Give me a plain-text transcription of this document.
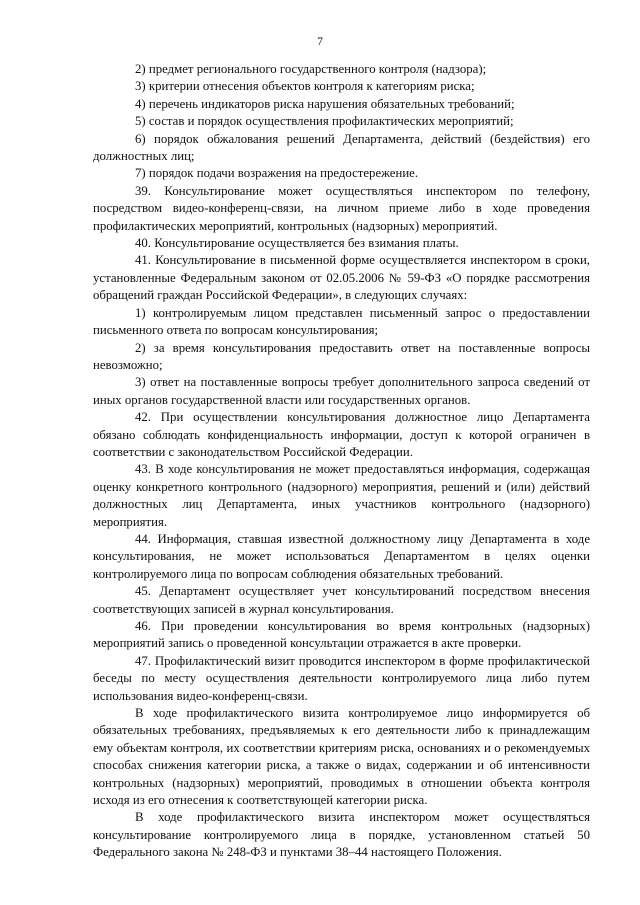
7

2) предмет регионального государственного контроля (надзора);

3) критерии отнесения объектов контроля к категориям риска;

4) перечень индикаторов риска нарушения обязательных требований;

5) состав и порядок осуществления профилактических мероприятий;

6) порядок обжалования решений Департамента, действий (бездействия) его должностных лиц;

7) порядок подачи возражения на предостережение.

39. Консультирование может осуществляться инспектором по телефону, посредством видео-конференц-связи, на личном приеме либо в ходе проведения профилактических мероприятий, контрольных (надзорных) мероприятий.

40. Консультирование осуществляется без взимания платы.

41. Консультирование в письменной форме осуществляется инспектором в сроки, установленные Федеральным законом от 02.05.2006 № 59-ФЗ «О порядке рассмотрения обращений граждан Российской Федерации», в следующих случаях:

1) контролируемым лицом представлен письменный запрос о предоставлении письменного ответа по вопросам консультирования;

2) за время консультирования предоставить ответ на поставленные вопросы невозможно;

3) ответ на поставленные вопросы требует дополнительного запроса сведений от иных органов государственной власти или государственных органов.

42. При осуществлении консультирования должностное лицо Департамента обязано соблюдать конфиденциальность информации, доступ к которой ограничен в соответствии с законодательством Российской Федерации.

43. В ходе консультирования не может предоставляться информация, содержащая оценку конкретного контрольного (надзорного) мероприятия, решений и (или) действий должностных лиц Департамента, иных участников контрольного (надзорного) мероприятия.

44. Информация, ставшая известной должностному лицу Департамента в ходе консультирования, не может использоваться Департаментом в целях оценки контролируемого лица по вопросам соблюдения обязательных требований.

45. Департамент осуществляет учет консультирований посредством внесения соответствующих записей в журнал консультирования.

46. При проведении консультирования во время контрольных (надзорных) мероприятий запись о проведенной консультации отражается в акте проверки.

47. Профилактический визит проводится инспектором в форме профилактической беседы по месту осуществления деятельности контролируемого лица либо путем использования видео-конференц-связи.

В ходе профилактического визита контролируемое лицо информируется об обязательных требованиях, предъявляемых к его деятельности либо к принадлежащим ему объектам контроля, их соответствии критериям риска, основаниях и о рекомендуемых способах снижения категории риска, а также о видах, содержании и об интенсивности контрольных (надзорных) мероприятий, проводимых в отношении объекта контроля исходя из его отнесения к соответствующей категории риска.

В ходе профилактического визита инспектором может осуществляться консультирование контролируемого лица в порядке, установленном статьей 50 Федерального закона № 248-ФЗ и пунктами 38–44 настоящего Положения.
